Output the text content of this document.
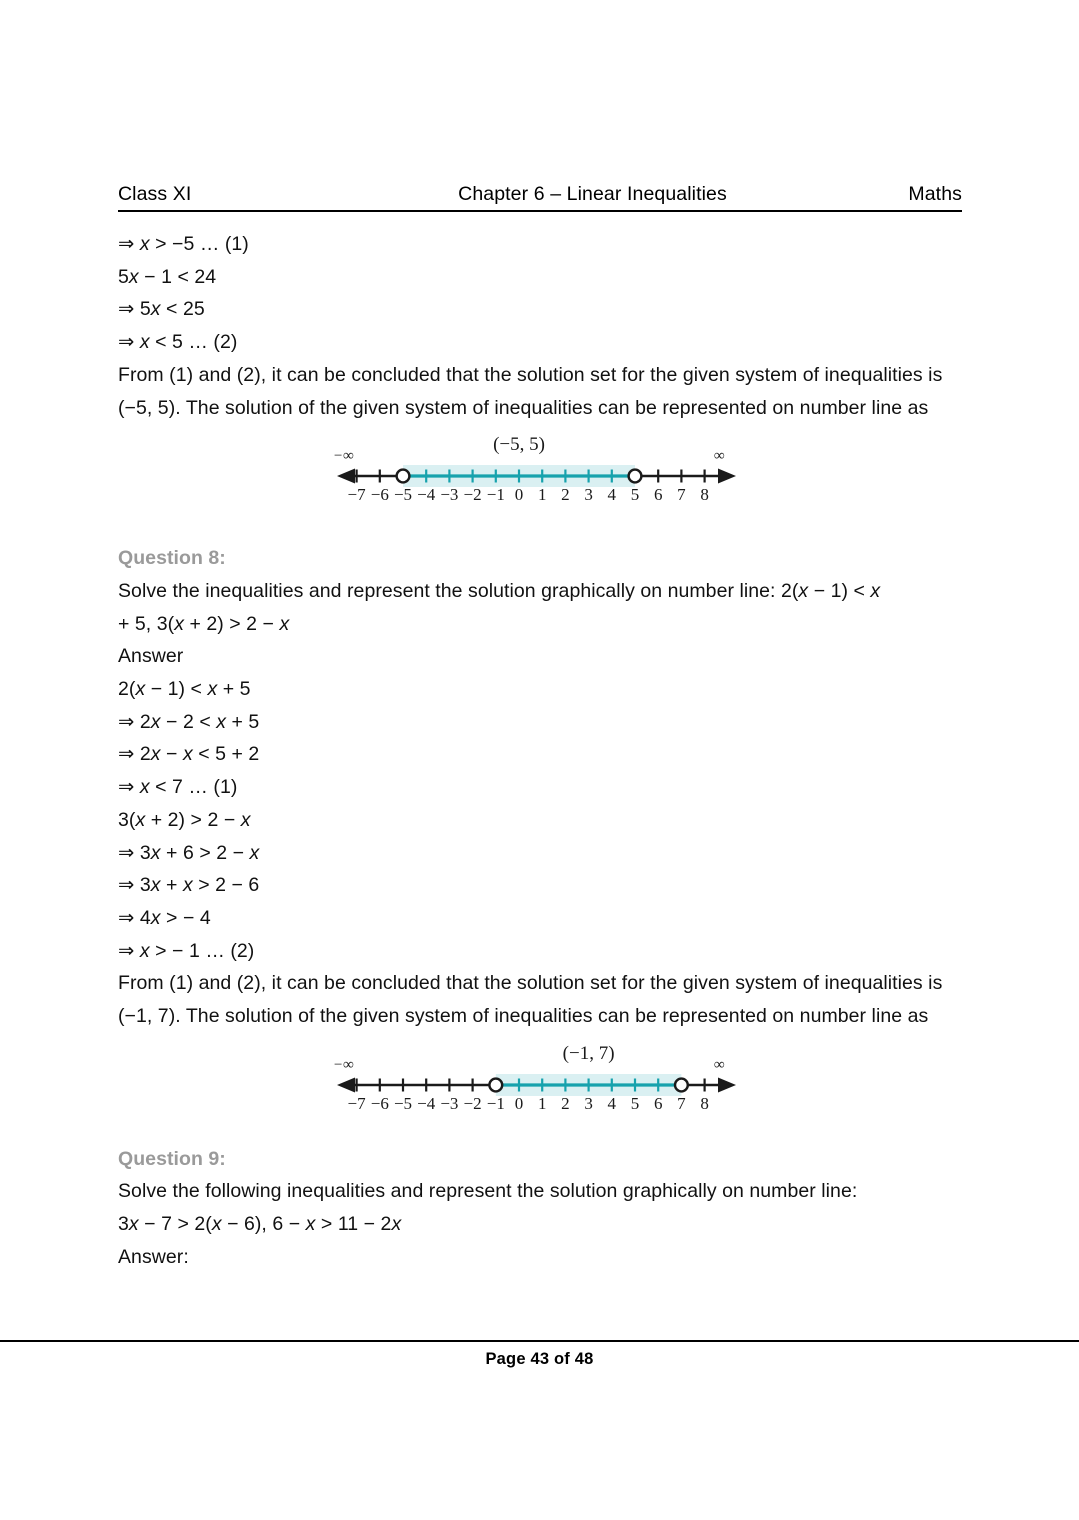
Class XI	Chapter 6 – Linear Inequalities	Maths
⇒ x > −5 … (1)
5x − 1 < 24
⇒ 5x < 25
⇒ x < 5 … (2)
From (1) and (2), it can be concluded that the solution set for the given system of inequalities is (−5, 5). The solution of the given system of inequalities can be represented on number line as
−7 −6 −5 −4 −3 −2 −1 0 1 2 3 4 5 6 7 8
(−5, 5)
−∞	∞
Question 8:
Solve the inequalities and represent the solution graphically on number line: 2(x − 1) < x
+ 5, 3(x + 2) > 2 − x
Answer
2(x − 1) < x + 5
⇒ 2x − 2 < x + 5
⇒ 2x − x < 5 + 2
⇒ x < 7 … (1)
3(x + 2) > 2 − x
⇒ 3x + 6 > 2 − x
⇒ 3x + x > 2 − 6
⇒ 4x > − 4
⇒ x > − 1 … (2)
From (1) and (2), it can be concluded that the solution set for the given system of inequalities is (−1, 7). The solution of the given system of inequalities can be represented on number line as
−7 −6 −5 −4 −3 −2 −1 0 1 2 3 4 5 6 7 8
(−1, 7)
−∞	∞
Question 9:
Solve the following inequalities and represent the solution graphically on number line:
3x − 7 > 2(x − 6), 6 − x > 11 − 2x
Answer:
Page 43 of 48
